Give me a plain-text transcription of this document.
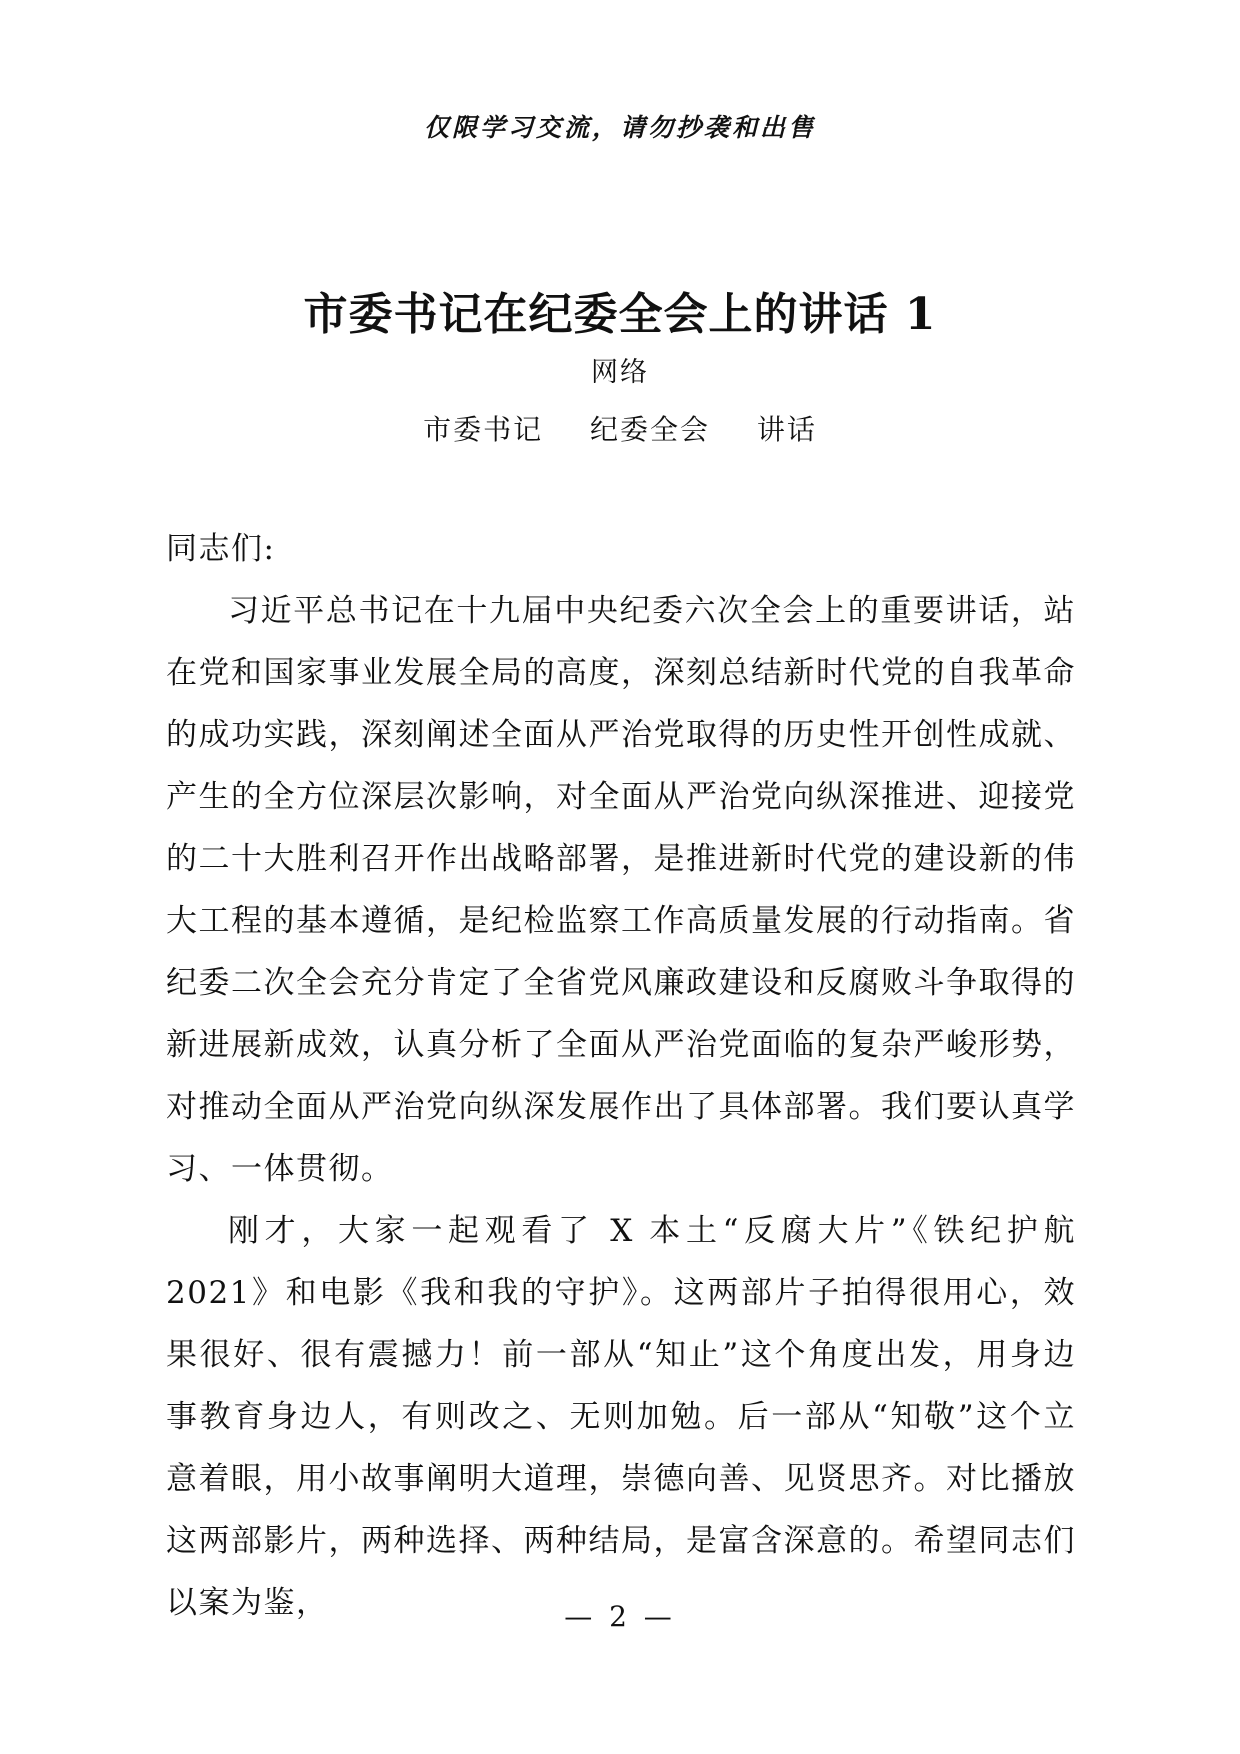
仅限学习交流，请勿抄袭和出售
市委书记在纪委全会上的讲话 1
网络
市委书记 纪委全会 讲话

同志们:

习近平总书记在十九届中央纪委六次全会上的重要讲话，站在党和国家事业发展全局的高度，深刻总结新时代党的自我革命的成功实践，深刻阐述全面从严治党取得的历史性开创性成就、产生的全方位深层次影响，对全面从严治党向纵深推进、迎接党的二十大胜利召开作出战略部署，是推进新时代党的建设新的伟大工程的基本遵循，是纪检监察工作高质量发展的行动指南。省纪委二次全会充分肯定了全省党风廉政建设和反腐败斗争取得的新进展新成效，认真分析了全面从严治党面临的复杂严峻形势，对推动全面从严治党向纵深发展作出了具体部署。我们要认真学习、一体贯彻。

刚才，大家一起观看了 X 本土“反腐大片”《铁纪护航 2021》和电影《我和我的守护》。这两部片子拍得很用心，效果很好、很有震撼力！前一部从“知止”这个角度出发，用身边事教育身边人，有则改之、无则加勉。后一部从“知敬”这个立意着眼，用小故事阐明大道理，崇德向善、见贤思齐。对比播放这两部影片，两种选择、两种结局，是富含深意的。希望同志们以案为鉴，	— 2 —
